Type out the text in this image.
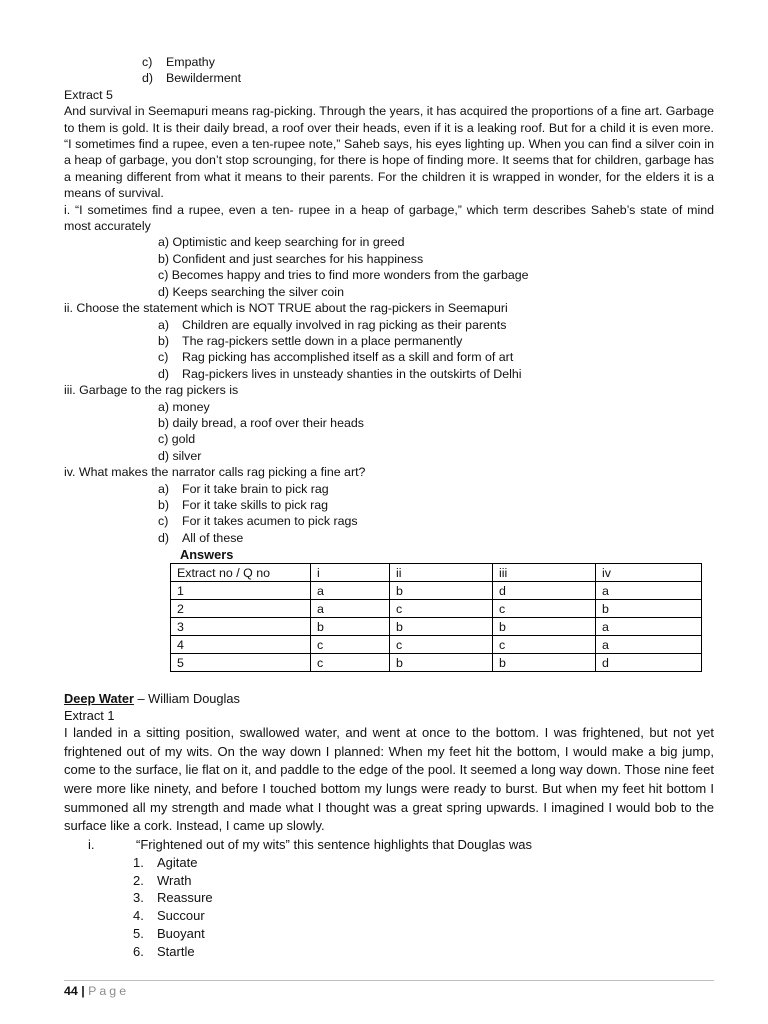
c) Empathy
d) Bewilderment
Extract 5
And survival in Seemapuri means rag-picking. Through the years, it has acquired the proportions of a fine art. Garbage to them is gold. It is their daily bread, a roof over their heads, even if it is a leaking roof. But for a child it is even more. “I sometimes find a rupee, even a ten-rupee note,” Saheb says, his eyes lighting up. When you can find a silver coin in a heap of garbage, you don’t stop scrounging, for there is hope of finding more. It seems that for children, garbage has a meaning different from what it means to their parents. For the children it is wrapped in wonder, for the elders it is a means of survival.
i. “I sometimes find a rupee, even a ten- rupee in a heap of garbage,” which term describes Saheb’s state of mind most accurately
a) Optimistic and keep searching for in greed
b) Confident and just searches for his happiness
c) Becomes happy and tries to find more wonders from the garbage
d) Keeps searching the silver coin
ii. Choose the statement which is NOT TRUE about the rag-pickers in Seemapuri
a) Children are equally involved in rag picking as their parents
b) The rag-pickers settle down in a place permanently
c) Rag picking has accomplished itself as a skill and form of art
d) Rag-pickers lives in unsteady shanties in the outskirts of Delhi
iii. Garbage to the rag pickers is
a) money
b) daily bread, a roof over their heads
c) gold
d) silver
iv. What makes the narrator calls rag picking a fine art?
a) For it take brain to pick rag
b) For it take skills to pick rag
c) For it takes acumen to pick rags
d) All of these
Answers
Extract no / Q no	i	ii	iii	iv
1	a	b	d	a
2	a	c	c	b
3	b	b	b	a
4	c	c	c	a
5	c	b	b	d
Deep Water – William Douglas
Extract 1
I landed in a sitting position, swallowed water, and went at once to the bottom. I was frightened, but not yet frightened out of my wits. On the way down I planned: When my feet hit the bottom, I would make a big jump, come to the surface, lie flat on it, and paddle to the edge of the pool. It seemed a long way down. Those nine feet were more like ninety, and before I touched bottom my lungs were ready to burst. But when my feet hit bottom I summoned all my strength and made what I thought was a great spring upwards. I imagined I would bob to the surface like a cork. Instead, I came up slowly.
i.	“Frightened out of my wits” this sentence highlights that Douglas was
1. Agitate
2. Wrath
3. Reassure
4. Succour
5. Buoyant
6. Startle
44 | Page
